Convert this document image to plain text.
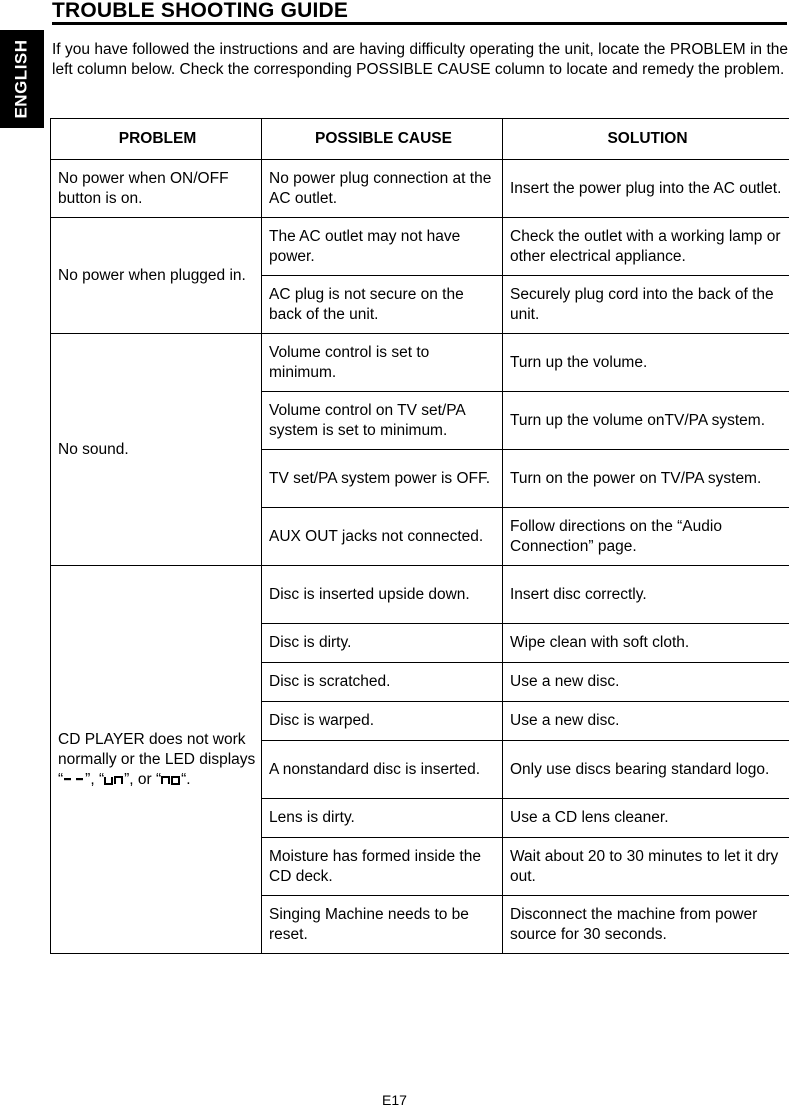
ENGLISH
TROUBLE SHOOTING GUIDE
If you have followed the instructions and are having difficulty operating the unit, locate the PROBLEM in the left column below. Check the corresponding POSSIBLE CAUSE column to locate and remedy the problem.
PROBLEM	POSSIBLE CAUSE	SOLUTION
No power when ON/OFF button is on.	No power plug connection at the AC outlet.	Insert the power plug into the AC outlet.
No power when plugged in.	The AC outlet may not have power.	Check the outlet with a working lamp or other electrical appliance.
	AC plug is not secure on the back of the unit.	Securely plug cord into the back of the unit.
No sound.	Volume control is set to minimum.	Turn up the volume.
	Volume control on TV set/PA system is set to minimum.	Turn up the volume onTV/PA system.
	TV set/PA system power is OFF.	Turn on the power on TV/PA system.
	AUX OUT jacks not connected.	Follow directions on the “Audio Connection” page.
CD PLAYER does not work normally or the LED displays “ ”, “ ”, or “ “.	Disc is inserted upside down.	Insert disc correctly.
	Disc is dirty.	Wipe clean with soft cloth.
	Disc is scratched.	Use a new disc.
	Disc is warped.	Use a new disc.
	A nonstandard disc is inserted.	Only use discs bearing standard logo.
	Lens is dirty.	Use a CD lens cleaner.
	Moisture has formed inside the CD deck.	Wait about 20 to 30 minutes to let it dry out.
	Singing Machine needs to be reset.	Disconnect the machine from power source for 30 seconds.
E17
